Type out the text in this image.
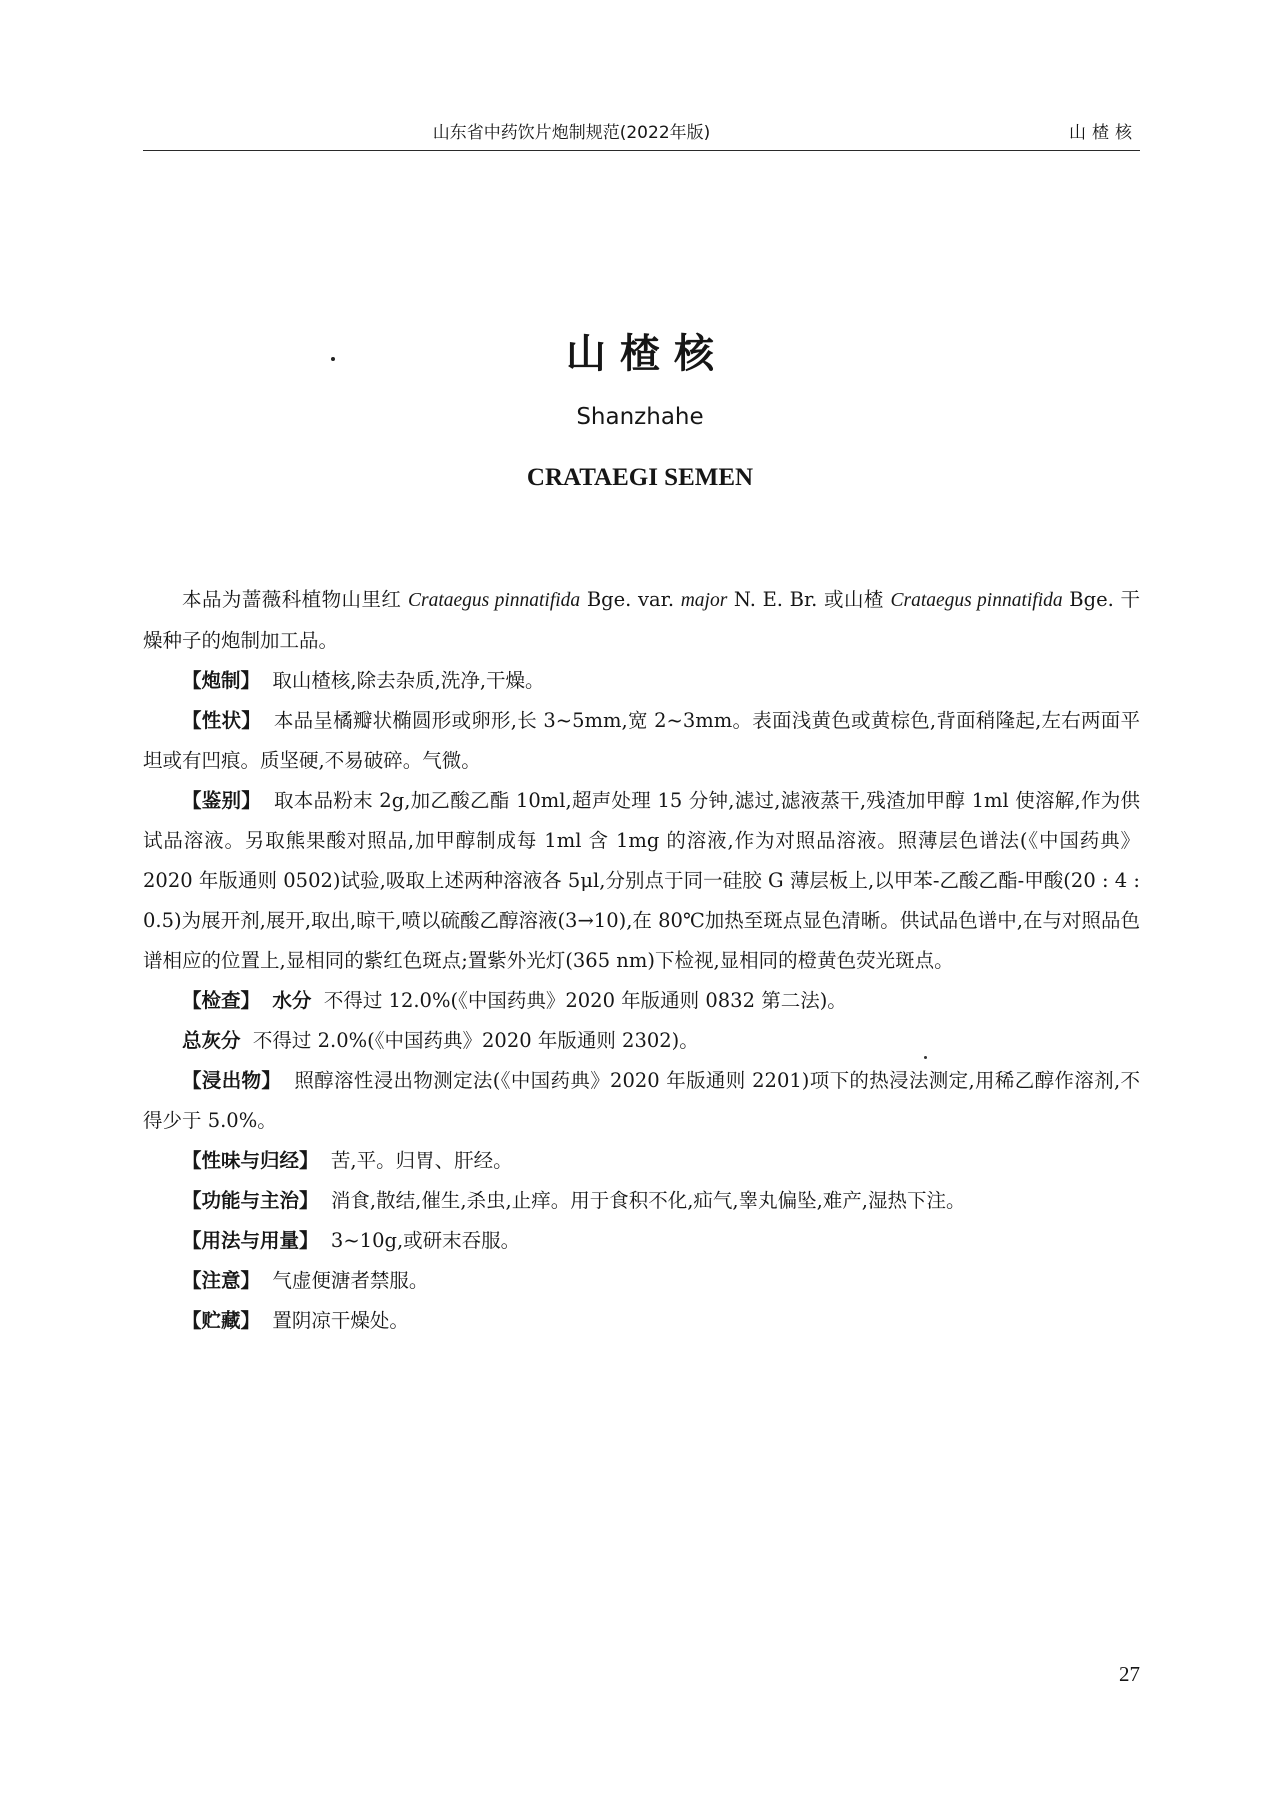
山东省中药饮片炮制规范(2022年版)	山楂核
山楂核
Shanzhahe
CRATAEGI SEMEN

本品为蔷薇科植物山里红 Crataegus pinnatifida Bge. var. major N. E. Br. 或山楂 Crataegus pinnatifida Bge. 干燥种子的炮制加工品。

【炮制】 取山楂核,除去杂质,洗净,干燥。

【性状】 本品呈橘瓣状椭圆形或卵形,长 3~5mm,宽 2~3mm。表面浅黄色或黄棕色,背面稍隆起,左右两面平坦或有凹痕。质坚硬,不易破碎。气微。

【鉴别】 取本品粉末 2g,加乙酸乙酯 10ml,超声处理 15 分钟,滤过,滤液蒸干,残渣加甲醇 1ml 使溶解,作为供试品溶液。另取熊果酸对照品,加甲醇制成每 1ml 含 1mg 的溶液,作为对照品溶液。照薄层色谱法(《中国药典》2020 年版通则 0502)试验,吸取上述两种溶液各 5μl,分别点于同一硅胶 G 薄层板上,以甲苯-乙酸乙酯-甲酸(20 : 4 : 0.5)为展开剂,展开,取出,晾干,喷以硫酸乙醇溶液(3→10),在 80℃加热至斑点显色清晰。供试品色谱中,在与对照品色谱相应的位置上,显相同的紫红色斑点;置紫外光灯(365 nm)下检视,显相同的橙黄色荧光斑点。

【检查】 水分 不得过 12.0%(《中国药典》2020 年版通则 0832 第二法)。

总灰分 不得过 2.0%(《中国药典》2020 年版通则 2302)。

【浸出物】 照醇溶性浸出物测定法(《中国药典》2020 年版通则 2201)项下的热浸法测定,用稀乙醇作溶剂,不得少于 5.0%。

【性味与归经】 苦,平。归胃、肝经。

【功能与主治】 消食,散结,催生,杀虫,止痒。用于食积不化,疝气,睾丸偏坠,难产,湿热下注。

【用法与用量】 3~10g,或研末吞服。

【注意】 气虚便溏者禁服。

【贮藏】 置阴凉干燥处。

27
